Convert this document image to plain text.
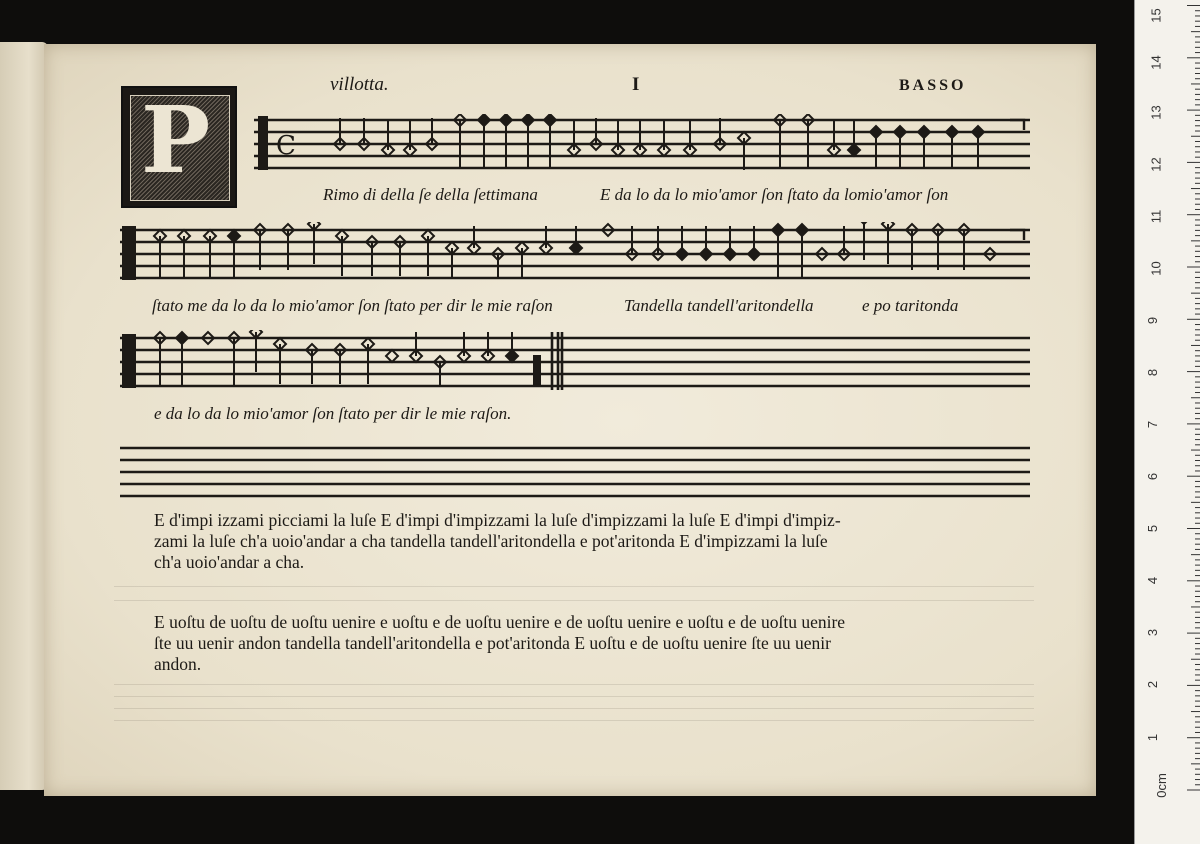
villotta.	I	BASSO
P	C
Rimo di della ſe della ſettimana	E da lo da lo mio'amor ſon ſtato da lomio'amor ſon
ſtato me da lo da lo mio'amor ſon ſtato per dir le mie raſon	Tandella tandell'aritondella	e po taritonda
e da lo da lo mio'amor ſon ſtato per dir le mie raſon.
E d'impi izzami picciami la luſe E d'impi d'impizzami la luſe d'impizzami la luſe E d'impi d'impiz-
zami la luſe ch'a uoio'andar a cha tandella tandell'aritondella e pot'aritonda E d'impizzami la luſe
ch'a uoio'andar a cha.
E uoſtu de uoſtu de uoſtu uenire e uoſtu e de uoſtu uenire e de uoſtu uenire e uoſtu e de uoſtu uenire
ſte uu uenir andon tandella tandell'aritondella e pot'aritonda E uoſtu e de uoſtu uenire ſte uu uenir
andon.
0cm
1
2
3
4
5
6
7
8
9
10
11
12
13
14
15
